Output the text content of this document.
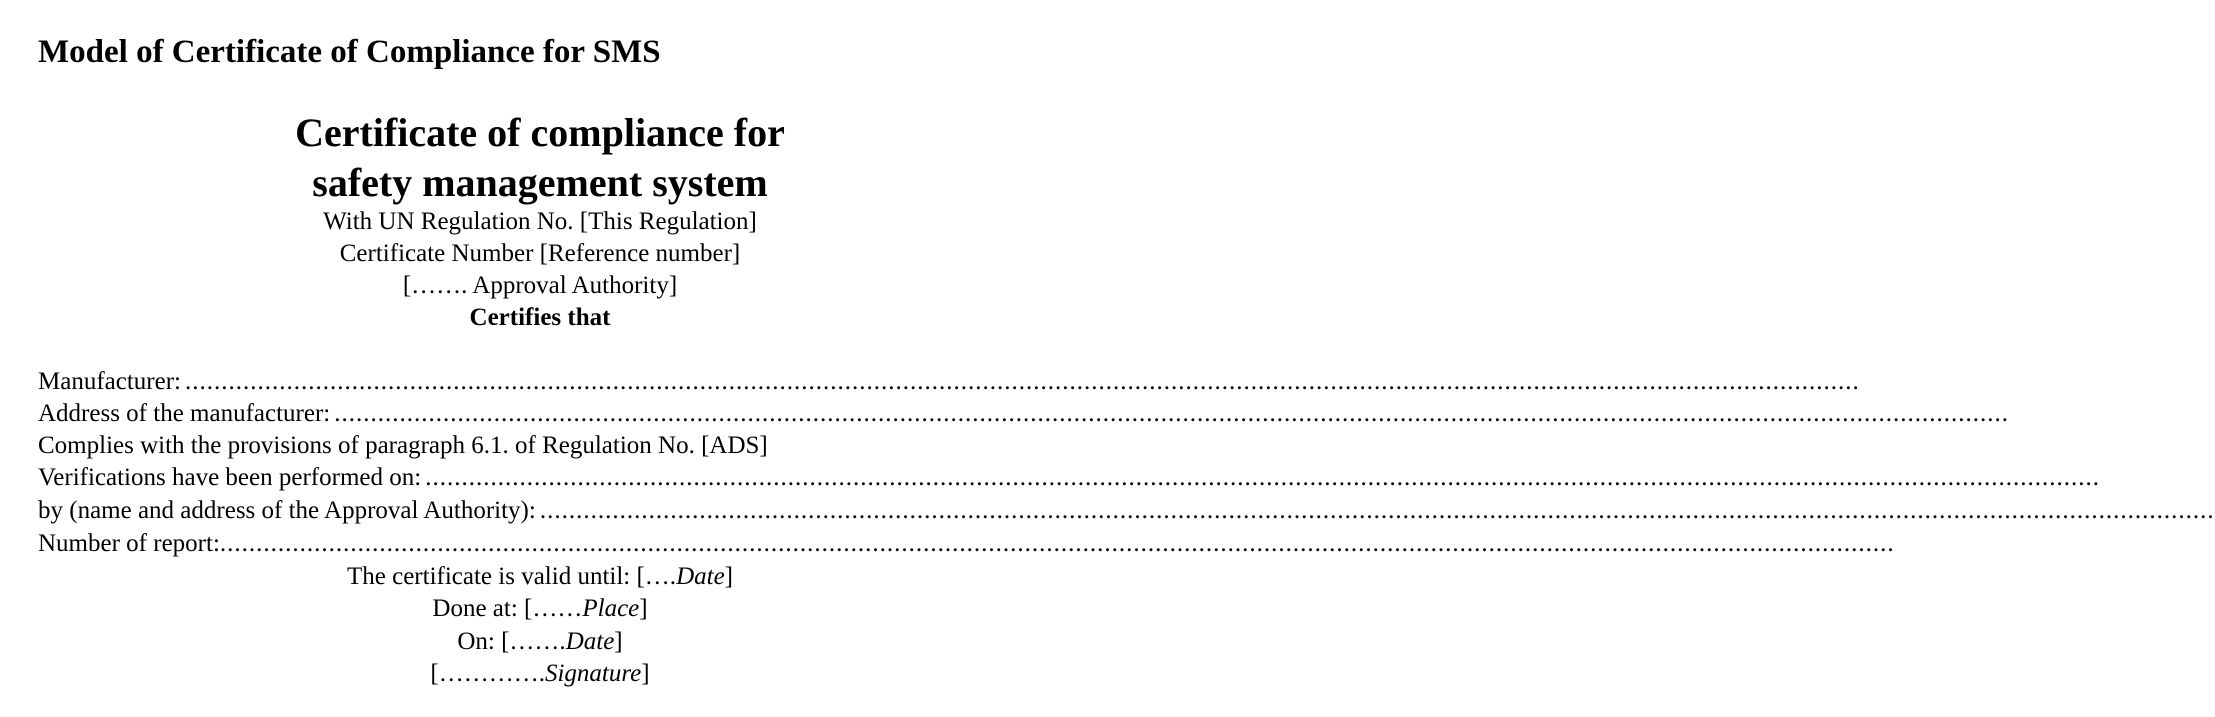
Model of Certificate of Compliance for SMS
Certificate of compliance for
safety management system
With UN Regulation No. [This Regulation]
Certificate Number [Reference number]
[……. Approval Authority]
Certifies that
Manufacturer: .......................................................................................................................................................................................................................................
Address of the manufacturer: .......................................................................................................................................................................................................................................
Complies with the provisions of paragraph 6.1. of Regulation No. [ADS]
Verifications have been performed on: .......................................................................................................................................................................................................................................
by (name and address of the Approval Authority): .......................................................................................................................................................................................................................................
Number of report: .......................................................................................................................................................................................................................................
The certificate is valid until: [….Date]
Done at: [……Place]
On: […….Date]
[………….Signature]
